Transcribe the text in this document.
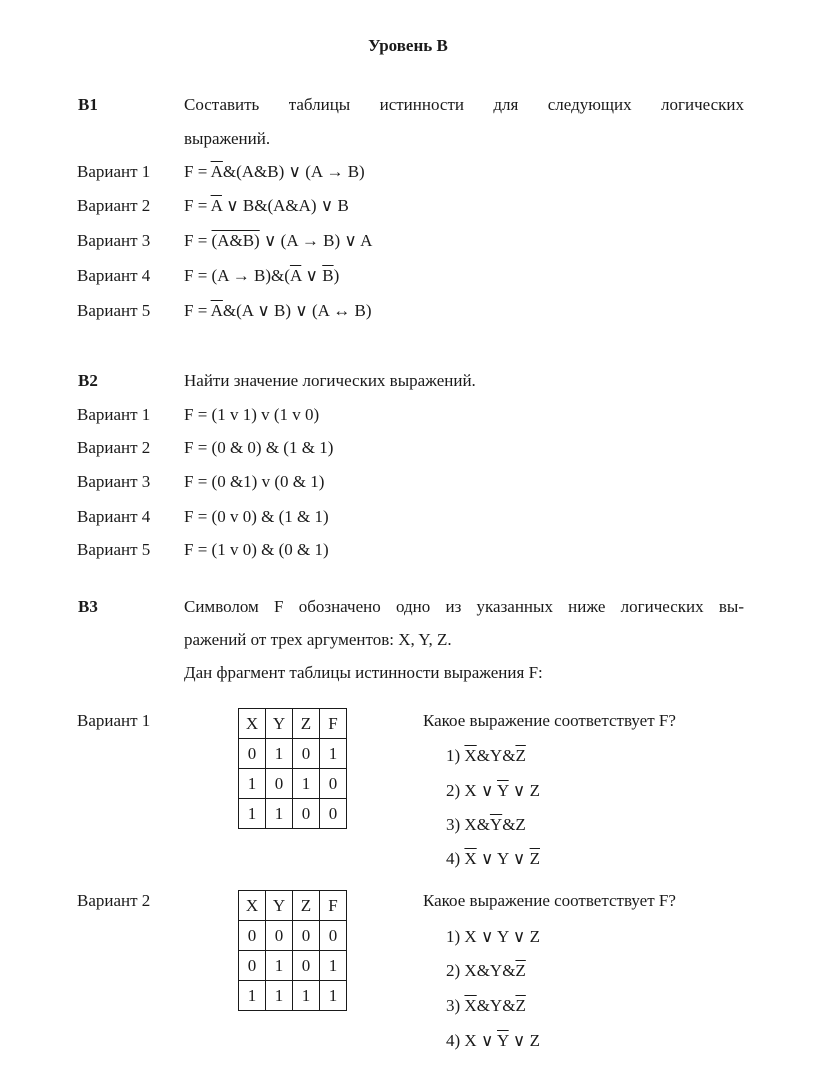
Уровень В
В1	Составить таблицы истинности для следующих логических
выражений.
Вариант 1 $F = \overline{A}\&(A\&B)$ ∨ (A → B)
Вариант 2 $F = \overline{A}$ ∨ B&(A&A) ∨ B
Вариант 3 F = (A&B) ∨ (A → B) ∨ A
Вариант 4 $F = (A \to B)\&(\overline{A}$ ∨ $\overline{B}$)
Вариант 5 $F = \overline{A}\&(A$ ∨ B) ∨ (A ↔ B)
В2	Найти значение логических выражений.
Вариант 1 F = (1 v 1) v (1 v 0)
Вариант 2 F = (0 & 0) & (1 & 1)
Вариант 3 F = (0 &1) v (0 & 1)
Вариант 4 F = (0 v 0) & (1 & 1)
Вариант 5 F = (1 v 0) & (0 & 1)
В3	Символом F обозначено одно из указанных ниже логических вы-
ражений от трех аргументов: X, Y, Z.
Дан фрагмент таблицы истинности выражения F:
Вариант 1	X	Y	Z	F
0	1	0	1
1	0	1	0
1	1	0	0
Какое выражение соответствует F?
1) $\overline{X}\&Y\&\overline{Z}$
2) X ∨ $\overline{Y}$ ∨ Z
3) $X\&\overline{Y}\&Z$
4) $\overline{X}$ ∨ Y ∨ $\overline{Z}$
Вариант 2	X	Y	Z	F
0	0	0	0
0	1	0	1
1	1	1	1
Какое выражение соответствует F?
1) X ∨ Y ∨ Z
2) $X\&Y\&\overline{Z}$
3) $\overline{X}\&Y\&\overline{Z}$
4) X ∨ $\overline{Y}$ ∨ Z
